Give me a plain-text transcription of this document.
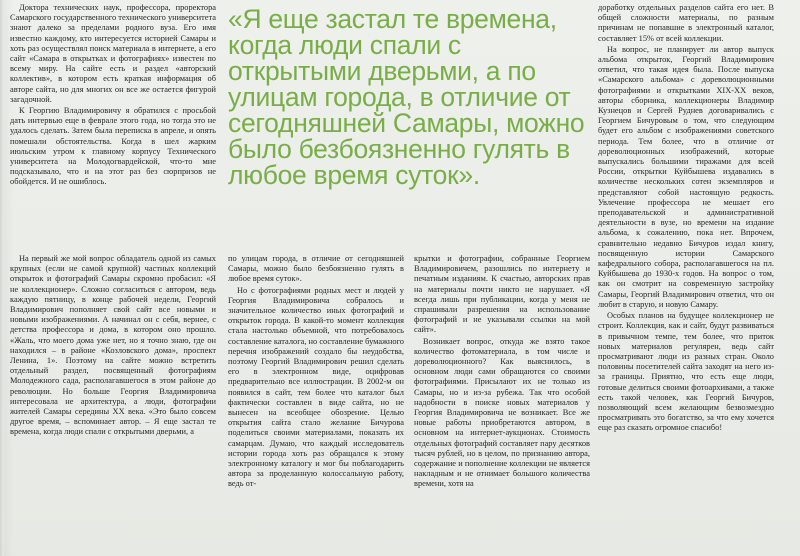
Доктора технических наук, профессора, проректора Самарского государственного технического университета знают далеко за пределами родного вуза. Его имя известно каждому, кто интересуется историей Самары и хоть раз осуществлял поиск материала в интернете, а его сайт «Самара в открытках и фотографиях» известен по всему миру. На сайте есть и раздел «авторский коллектив», в котором есть краткая информация об авторе сайта, но для многих он все же остается фигурой загадочной.

К Георгию Владимировичу я обратился с просьбой дать интервью еще в феврале этого года, но тогда это не удалось сделать. Затем была переписка в апреле, и опять помешали обстоятельства. Когда в шел жарким июльским утром к главному корпусу Технического университета на Молодогвардейской, что-то мне подсказывало, что и на этот раз без сюрпризов не обойдется. И не ошиблось.

«Я еще застал те времена, когда люди спали с открытыми дверьми, а по улицам города, в отличие от сегодняшней Самары, можно было безбоязненно гулять в любое время суток».

На первый же мой вопрос обладатель одной из самых крупных (если не самой крупной) частных коллекций открыток и фотографий Самары скромно пробасил: «Я не коллекционер». Сложно согласиться с автором, ведь каждую пятницу, в конце рабочей недели, Георгий Владимирович пополняет свой сайт все новыми и новыми изображениями. А начинал он с себя, вернее, с детства профессора и дома, в котором оно прошло. «Жаль, что моего дома уже нет, но я точно знаю, где он находился – в районе «Козловского дома», проспект Ленина, 1». Поэтому на сайте можно встретить отдельный раздел, посвященный фотографиям Молодежного сада, располагавшегося в этом районе до революции. Но больше Георгия Владимировича интересовала не архитектура, а люди, фотографии жителей Самары середины XX века. «Это было совсем другое время, – вспоминает автор. – Я еще застал те времена, когда люди спали с открытыми дверьми, а

по улицам города, в отличие от сегодняшней Самары, можно было безбоязненно гулять в любое время суток».

Но с фотографиями родных мест и людей у Георгия Владимировича собралось и значительное количество иных фотографий и открыток города. В какой-то момент коллекция стала настолько объемной, что потребовалось составление каталога, но составление бумажного перечня изображений создало бы неудобства, поэтому Георгий Владимирович решил сделать его в электронном виде, оцифровав предварительно все иллюстрации. В 2002-м он появился в сайт, тем более что каталог был фактически составлен в виде сайта, но не вынесен на всеобщее обозрение. Целью открытия сайта стало желание Бичурова поделиться своими материалами, показать их самарцам. Думаю, что каждый исследователь истории города хоть раз обращался к этому электронному каталогу и мог бы поблагодарить автора за проделанную колоссальную работу, ведь от-

крытки и фотографии, собранные Георгием Владимировичем, разошлись по интернету и печатным изданиям. К счастью, авторских прав на материалы почти никто не нарушает. «Я всегда лишь при публикации, когда у меня не спрашивали разрешения на использование фотографий и не указывали ссылки на мой сайт».

Возникает вопрос, откуда же взято такое количество фотоматериала, в том числе и дореволюционного? Как выяснилось, в основном люди сами обращаются со своими фотографиями. Присылают их не только из Самары, но и из-за рубежа. Так что особой надобности в поиске новых материалов у Георгия Владимировича не возникает. Все же новые работы приобретаются автором, в основном на интернет-аукционах. Стоимость отдельных фотографий составляет пару десятков тысяч рублей, но в целом, по признанию автора, содержание и пополнение коллекции не является накладным и не отнимает большого количества времени, хотя на

доработку отдельных разделов сайта его нет. В общей сложности материалы, по разным причинам не попавшие в электронный каталог, составляет 15% от всей коллекции.

На вопрос, не планирует ли автор выпуск альбома открыток, Георгий Владимирович ответил, что такая идея была. После выпуска «Самарского альбома» с дореволюционными фотографиями и открытками XIX-XX веков, авторы сборника, коллекционеры Владимир Кузнецов и Сергей Руднев договаривались с Георгием Бичуровым о том, что следующим будет его альбом с изображениями советского периода. Тем более, что в отличие от дореволюционных изображений, которые выпускались большими тиражами для всей России, открытки Куйбышева издавались в количестве нескольких сотен экземпляров и представляют собой настоящую редкость. Увлечение профессора не мешает его преподавательской и административной деятельности в вузе, но времени на издание альбома, к сожалению, пока нет. Впрочем, сравнительно недавно Бичуров издал книгу, посвященную истории Самарского кафедрального собора, располагавшегося на пл. Куйбышева до 1930-х годов. На вопрос о том, как он смотрит на современную застройку Самары, Георгий Владимирович ответил, что он любит в старую, и новую Самару.

Особых планов на будущее коллекционер не строит. Коллекция, как и сайт, будут развиваться в привычном темпе, тем более, что приток новых материалов регулярен, ведь сайт просматривают люди из разных стран. Около половины посетителей сайта заходят на него из-за границы. Приятно, что есть еще люди, готовые делиться своими фотоархивами, а также есть такой человек, как Георгий Бичуров, позволяющий всем желающим безвозмездно просматривать это богатство, за что ему хочется еще раз сказать огромное спасибо!
